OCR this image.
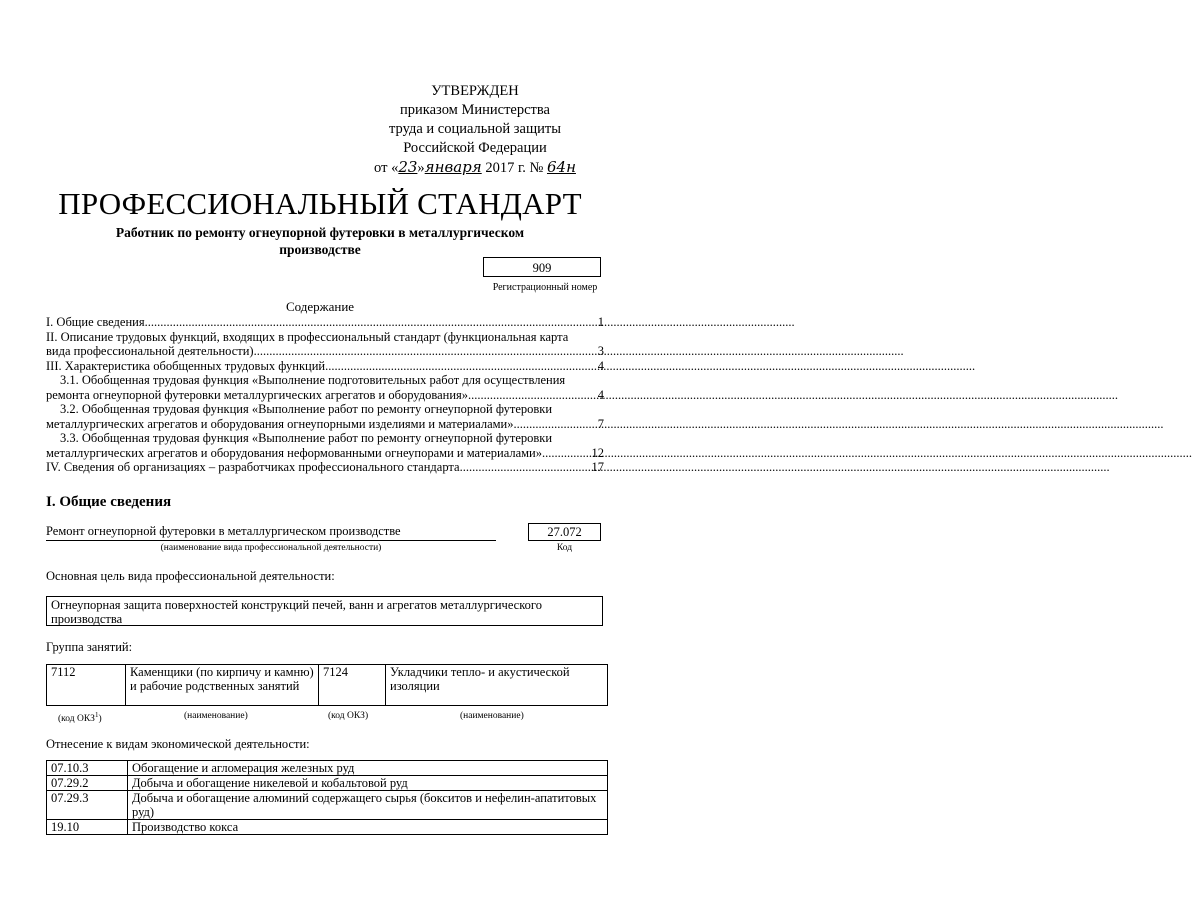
УТВЕРЖДЕН
приказом Министерства
труда и социальной защиты
Российской Федерации
от «23»января 2017 г. № 64н
ПРОФЕССИОНАЛЬНЫЙ СТАНДАРТ
Работник по ремонту огнеупорной футеровки в металлургическом производстве
909
Регистрационный номер
Содержание
I. Общие сведения .....	1
II. Описание трудовых функций, входящих в профессиональный стандарт (функциональная карта
вида профессиональной деятельности) .....	3
III. Характеристика обобщенных трудовых функций .....	4
3.1. Обобщенная трудовая функция «Выполнение подготовительных работ для осуществления
ремонта огнеупорной футеровки металлургических агрегатов и оборудования» .....	4
3.2. Обобщенная трудовая функция «Выполнение работ по ремонту огнеупорной футеровки
металлургических агрегатов и оборудования огнеупорными изделиями и материалами» .....	7
3.3. Обобщенная трудовая функция «Выполнение работ по ремонту огнеупорной футеровки
металлургических агрегатов и оборудования неформованными огнеупорами и материалами» .....	12
IV. Сведения об организациях – разработчиках профессионального стандарта .....	17
I. Общие сведения
Ремонт огнеупорной футеровки в металлургическом производстве
(наименование вида профессиональной деятельности)
27.072
Код
Основная цель вида профессиональной деятельности:
Огнеупорная защита поверхностей конструкций печей, ванн и агрегатов металлургического производства
Группа занятий:
7112	Каменщики (по кирпичу и камню) и рабочие родственных занятий	7124	Укладчики тепло- и акустической изоляции
(код ОКЗ$^1$)	(наименование)	(код ОКЗ)	(наименование)
Отнесение к видам экономической деятельности:
07.10.3	Обогащение и агломерация железных руд
07.29.2	Добыча и обогащение никелевой и кобальтовой руд
07.29.3	Добыча и обогащение алюминий содержащего сырья (бокситов и нефелин-апатитовых руд)
19.10	Производство кокса
